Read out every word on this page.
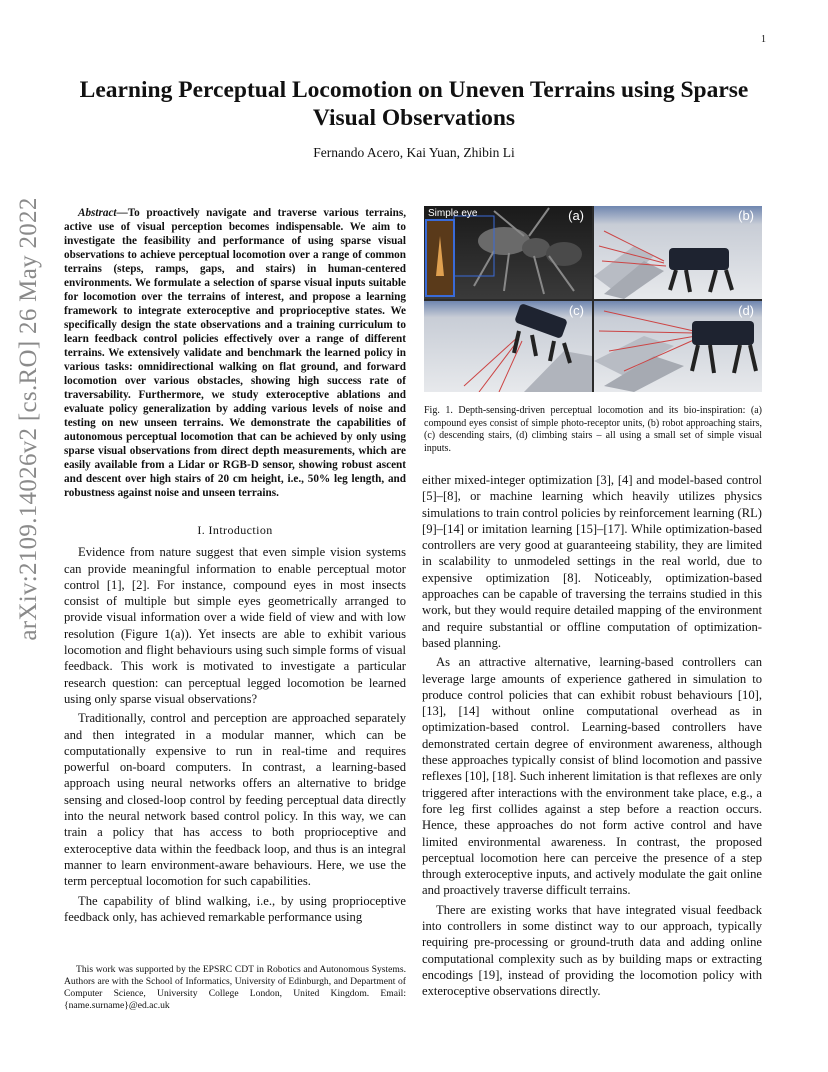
1
arXiv:2109.14026v2 [cs.RO] 26 May 2022
Learning Perceptual Locomotion on Uneven Terrains using Sparse Visual Observations
Fernando Acero, Kai Yuan, Zhibin Li

Abstract—To proactively navigate and traverse various terrains, active use of visual perception becomes indispensable. We aim to investigate the feasibility and performance of using sparse visual observations to achieve perceptual locomotion over a range of common terrains (steps, ramps, gaps, and stairs) in human-centered environments. We formulate a selection of sparse visual inputs suitable for locomotion over the terrains of interest, and propose a learning framework to integrate exteroceptive and proprioceptive states. We specifically design the state observations and a training curriculum to learn feedback control policies effectively over a range of different terrains. We extensively validate and benchmark the learned policy in various tasks: omnidirectional walking on flat ground, and forward locomotion over various obstacles, showing high success rate of traversability. Furthermore, we study exteroceptive ablations and evaluate policy generalization by adding various levels of noise and testing on new unseen terrains. We demonstrate the capabilities of autonomous perceptual locomotion that can be achieved by only using sparse visual observations from direct depth measurements, which are easily available from a Lidar or RGB-D sensor, showing robust ascent and descent over high stairs of 20 cm height, i.e., 50% leg length, and robustness against noise and unseen terrains.

I. Introduction

Evidence from nature suggest that even simple vision systems can provide meaningful information to enable perceptual motor control [1], [2]. For instance, compound eyes in most insects consist of multiple but simple eyes geometrically arranged to provide visual information over a wide field of view and with low resolution (Figure 1(a)). Yet insects are able to exhibit various locomotion and flight behaviours using such simple forms of visual feedback. This work is motivated to investigate a particular research question: can perceptual legged locomotion be learned using only sparse visual observations?

Traditionally, control and perception are approached separately and then integrated in a modular manner, which can be computationally expensive to run in real-time and requires powerful on-board computers. In contrast, a learning-based approach using neural networks offers an alternative to bridge sensing and closed-loop control by feeding perceptual data directly into the neural network based control policy. In this way, we can train a policy that has access to both proprioceptive and exteroceptive data within the feedback loop, and thus is an integral manner to learn environment-aware behaviours. Here, we use the term perceptual locomotion for such capabilities.

The capability of blind walking, i.e., by using proprioceptive feedback only, has achieved remarkable performance using

This work was supported by the EPSRC CDT in Robotics and Autonomous Systems. Authors are with the School of Informatics, University of Edinburgh, and Department of Computer Science, University College London, United Kingdom. Email: {name.surname}@ed.ac.uk
Simple eye	(a)	(b)
(c)	(d)
Fig. 1. Depth-sensing-driven perceptual locomotion and its bio-inspiration: (a) compound eyes consist of simple photo-receptor units, (b) robot approaching stairs, (c) descending stairs, (d) climbing stairs – all using a small set of simple visual inputs.

either mixed-integer optimization [3], [4] and model-based control [5]–[8], or machine learning which heavily utilizes physics simulations to train control policies by reinforcement learning (RL) [9]–[14] or imitation learning [15]–[17]. While optimization-based controllers are very good at guaranteeing stability, they are limited in scalability to unmodeled settings in the real world, due to expensive optimization [8]. Noticeably, optimization-based approaches can be capable of traversing the terrains studied in this work, but they would require detailed mapping of the environment and require substantial or offline computation of optimization-based planning.

As an attractive alternative, learning-based controllers can leverage large amounts of experience gathered in simulation to produce control policies that can exhibit robust behaviours [10], [13], [14] without online computational overhead as in optimization-based control. Learning-based controllers have demonstrated certain degree of environment awareness, although these approaches typically consist of blind locomotion and passive reflexes [10], [18]. Such inherent limitation is that reflexes are only triggered after interactions with the environment take place, e.g., a fore leg first collides against a step before a reaction occurs. Hence, these approaches do not form active control and have limited environmental awareness. In contrast, the proposed perceptual locomotion here can perceive the presence of a step through exteroceptive inputs, and actively modulate the gait online and proactively traverse difficult terrains.

There are existing works that have integrated visual feedback into controllers in some distinct way to our approach, typically requiring pre-processing or ground-truth data and adding online computational complexity such as by building maps or extracting encodings [19], instead of providing the locomotion policy with exteroceptive observations directly.
